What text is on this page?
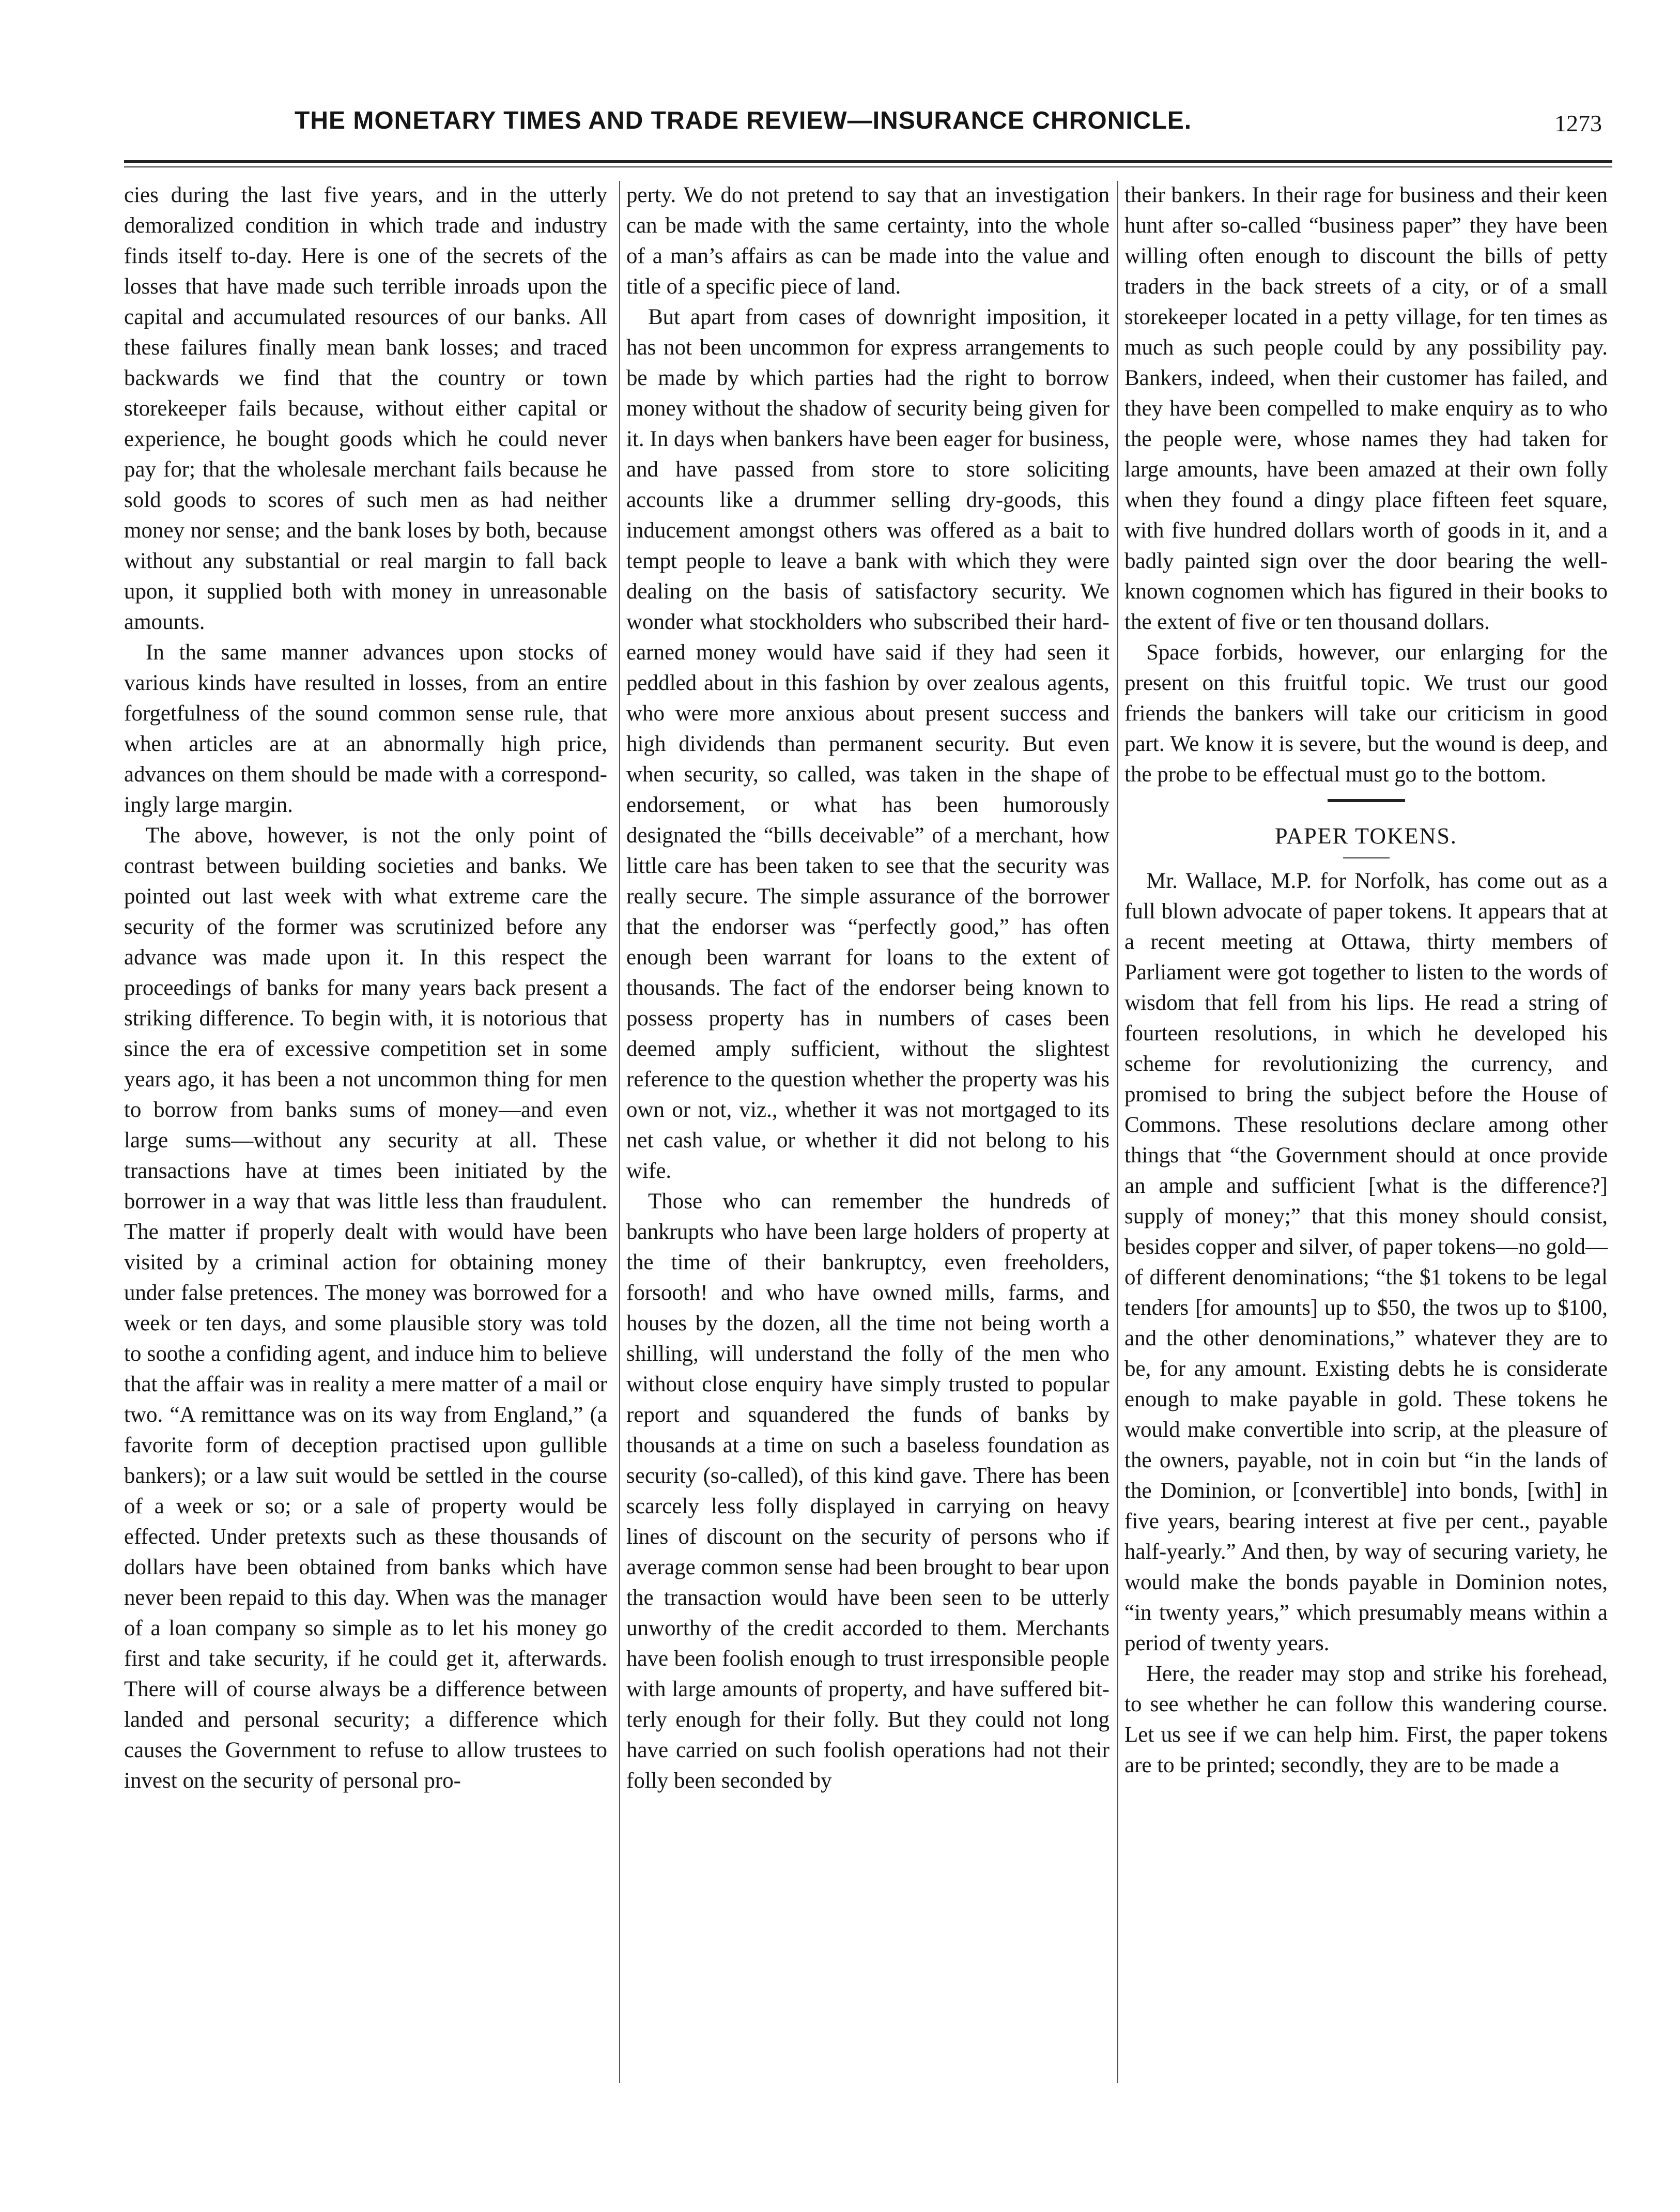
THE MONETARY TIMES AND TRADE REVIEW—INSURANCE CHRONICLE.	1273

cies during the last five years, and in the utterly demoralized condition in which trade and industry finds itself to-day. Here is one of the secrets of the losses that have made such terrible inroads upon the capital and accumulated resources of our banks. All these failures finally mean bank losses; and traced backwards we find that the country or town storekeeper fails because, without either capital or experience, he bought goods which he could never pay for; that the wholesale merchant fails because he sold goods to scores of such men as had neither money nor sense; and the bank loses by both, because without any substantial or real margin to fall back upon, it supplied both with money in unreasonable amounts.

In the same manner advances upon stocks of various kinds have resulted in losses, from an entire forgetfulness of the sound common sense rule, that when articles are at an abnormally high price, advances on them should be made with a correspondingly large margin.

The above, however, is not the only point of contrast between building societies and banks. We pointed out last week with what extreme care the security of the former was scrutinized before any advance was made upon it. In this respect the proceedings of banks for many years back present a striking difference. To begin with, it is notorious that since the era of excessive competition set in some years ago, it has been a not uncommon thing for men to borrow from banks sums of money—and even large sums—without any security at all. These transactions have at times been initiated by the borrower in a way that was little less than fraudulent. The matter if properly dealt with would have been visited by a criminal action for obtaining money under false pretences. The money was borrowed for a week or ten days, and some plausible story was told to soothe a confiding agent, and induce him to believe that the affair was in reality a mere matter of a mail or two. “A remittance was on its way from England,” (a favorite form of deception practised upon gullible bankers); or a law suit would be settled in the course of a week or so; or a sale of property would be effected. Under pretexts such as these thousands of dollars have been obtained from banks which have never been repaid to this day. When was the manager of a loan company so simple as to let his money go first and take security, if he could get it, afterwards. There will of course always be a difference between landed and personal security; a difference which causes the Government to refuse to allow trustees to invest on the security of personal pro-

perty. We do not pretend to say that an investigation can be made with the same certainty, into the whole of a man’s affairs as can be made into the value and title of a specific piece of land.

But apart from cases of downright imposition, it has not been uncommon for express arrangements to be made by which parties had the right to borrow money without the shadow of security being given for it. In days when bankers have been eager for business, and have passed from store to store soliciting accounts like a drummer selling dry-goods, this inducement amongst others was offered as a bait to tempt people to leave a bank with which they were dealing on the basis of satisfactory security. We wonder what stockholders who subscribed their hard-earned money would have said if they had seen it peddled about in this fashion by over zealous agents, who were more anxious about present success and high dividends than permanent security. But even when security, so called, was taken in the shape of endorsement, or what has been humorously designated the “bills deceivable” of a merchant, how little care has been taken to see that the security was really secure. The simple assurance of the borrower that the endorser was “perfectly good,” has often enough been warrant for loans to the extent of thousands. The fact of the endorser being known to possess property has in numbers of cases been deemed amply sufficient, without the slightest reference to the question whether the property was his own or not, viz., whether it was not mortgaged to its net cash value, or whether it did not belong to his wife.

Those who can remember the hundreds of bankrupts who have been large holders of property at the time of their bankruptcy, even freeholders, forsooth! and who have owned mills, farms, and houses by the dozen, all the time not being worth a shilling, will understand the folly of the men who without close enquiry have simply trusted to popular report and squandered the funds of banks by thousands at a time on such a baseless foundation as security (so-called), of this kind gave. There has been scarcely less folly displayed in carrying on heavy lines of discount on the security of persons who if average common sense had been brought to bear upon the transaction would have been seen to be utterly unworthy of the credit accorded to them. Merchants have been foolish enough to trust irresponsible people with large amounts of property, and have suffered bitterly enough for their folly. But they could not long have carried on such foolish operations had not their folly been seconded by

their bankers. In their rage for business and their keen hunt after so-called “business paper” they have been willing often enough to discount the bills of petty traders in the back streets of a city, or of a small storekeeper located in a petty village, for ten times as much as such people could by any possibility pay. Bankers, indeed, when their customer has failed, and they have been compelled to make enquiry as to who the people were, whose names they had taken for large amounts, have been amazed at their own folly when they found a dingy place fifteen feet square, with five hundred dollars worth of goods in it, and a badly painted sign over the door bearing the well-known cognomen which has figured in their books to the extent of five or ten thousand dollars.

Space forbids, however, our enlarging for the present on this fruitful topic. We trust our good friends the bankers will take our criticism in good part. We know it is severe, but the wound is deep, and the probe to be effectual must go to the bottom.

PAPER TOKENS.

Mr. Wallace, M.P. for Norfolk, has come out as a full blown advocate of paper tokens. It appears that at a recent meeting at Ottawa, thirty members of Parliament were got together to listen to the words of wisdom that fell from his lips. He read a string of fourteen resolutions, in which he developed his scheme for revolutionizing the currency, and promised to bring the subject before the House of Commons. These resolutions declare among other things that “the Government should at once provide an ample and sufficient [what is the difference?] supply of money;” that this money should consist, besides copper and silver, of paper tokens—no gold—of different denominations; “the $1 tokens to be legal tenders [for amounts] up to $50, the twos up to $100, and the other denominations,” whatever they are to be, for any amount. Existing debts he is considerate enough to make payable in gold. These tokens he would make convertible into scrip, at the pleasure of the owners, payable, not in coin but “in the lands of the Dominion, or [convertible] into bonds, [with] in five years, bearing interest at five per cent., payable half-yearly.” And then, by way of securing variety, he would make the bonds payable in Dominion notes, “in twenty years,” which presumably means within a period of twenty years.

Here, the reader may stop and strike his forehead, to see whether he can follow this wandering course. Let us see if we can help him. First, the paper tokens are to be printed; secondly, they are to be made a
